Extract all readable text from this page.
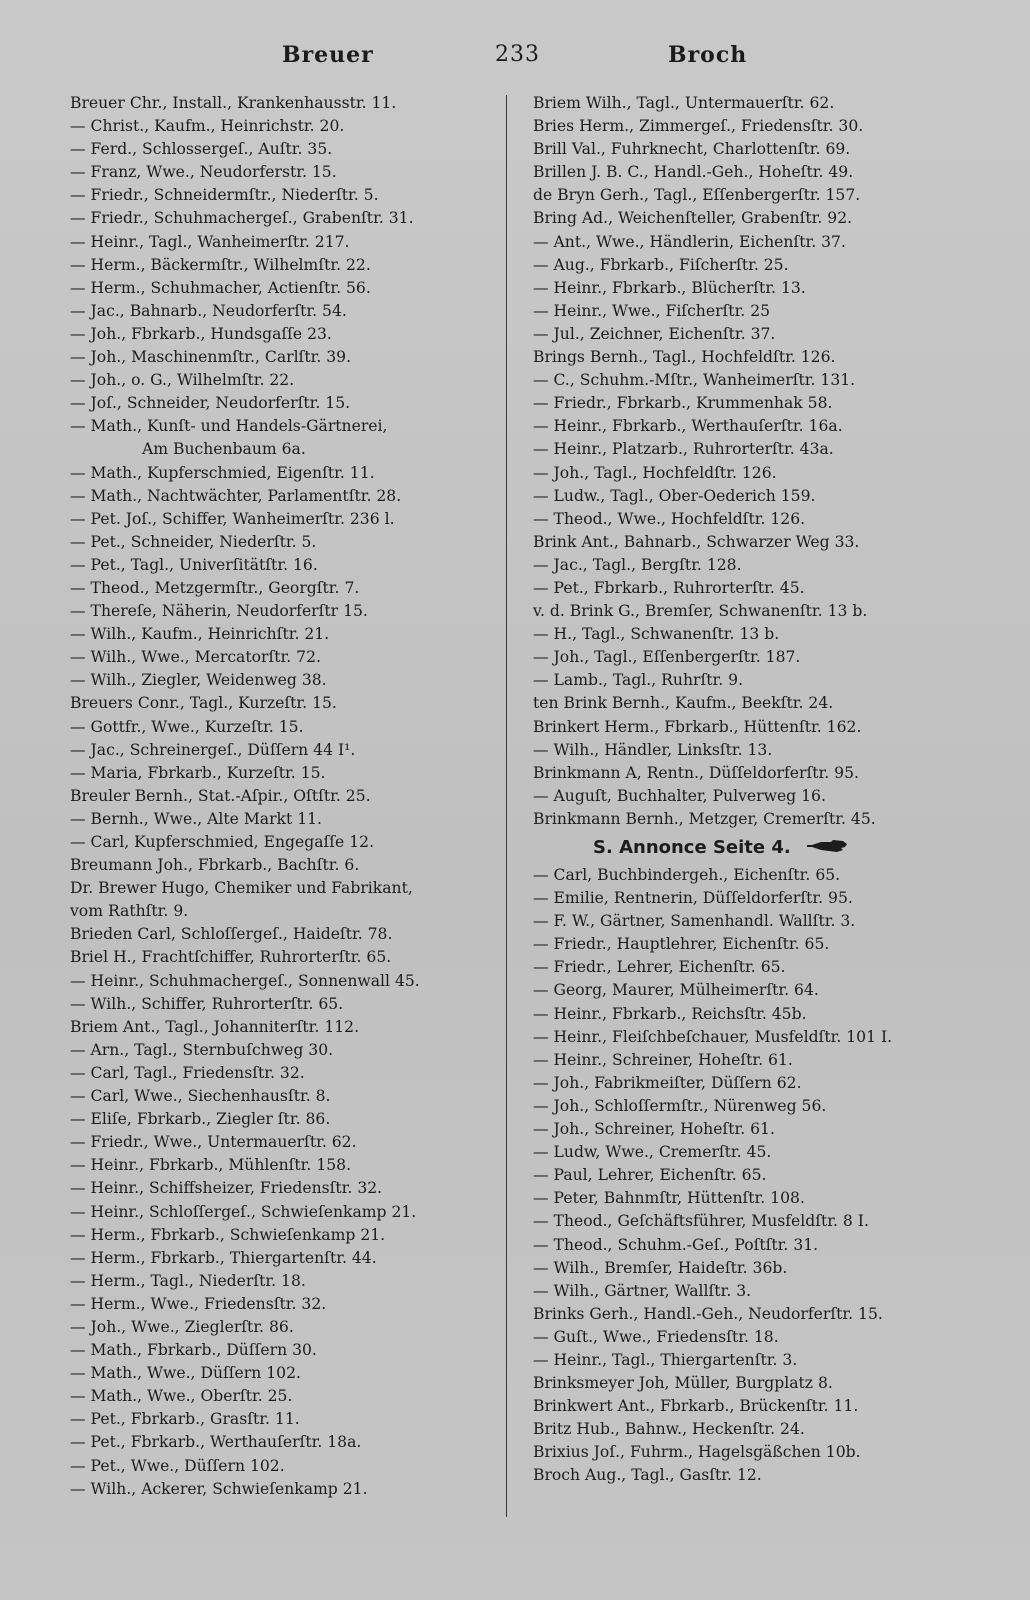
Breuer	233	Broch
Breuer Chr., Install., Krankenhausstr. 11.
— Christ., Kaufm., Heinrichstr. 20.
— Ferd., Schlossergeſ., Auſtr. 35.
— Franz, Wwe., Neudorferstr. 15.
— Friedr., Schneidermſtr., Niederſtr. 5.
— Friedr., Schuhmachergeſ., Grabenſtr. 31.
— Heinr., Tagl., Wanheimerſtr. 217.
— Herm., Bäckermſtr., Wilhelmſtr. 22.
— Herm., Schuhmacher, Actienſtr. 56.
— Jac., Bahnarb., Neudorferſtr. 54.
— Joh., Fbrkarb., Hundsgaſſe 23.
— Joh., Maschinenmſtr., Carlſtr. 39.
— Joh., o. G., Wilhelmſtr. 22.
— Joſ., Schneider, Neudorferſtr. 15.
— Math., Kunſt- und Handels-Gärtnerei,
Am Buchenbaum 6a.
— Math., Kupferschmied, Eigenſtr. 11.
— Math., Nachtwächter, Parlamentſtr. 28.
— Pet. Joſ., Schiffer, Wanheimerſtr. 236 l.
— Pet., Schneider, Niederſtr. 5.
— Pet., Tagl., Univerſitätſtr. 16.
— Theod., Metzgermſtr., Georgſtr. 7.
— Thereſe, Näherin, Neudorferſtr 15.
— Wilh., Kaufm., Heinrichſtr. 21.
— Wilh., Wwe., Mercatorſtr. 72.
— Wilh., Ziegler, Weidenweg 38.
Breuers Conr., Tagl., Kurzeſtr. 15.
— Gottfr., Wwe., Kurzeſtr. 15.
— Jac., Schreinergeſ., Düſſern 44 I¹.
— Maria, Fbrkarb., Kurzeſtr. 15.
Breuler Bernh., Stat.-Aſpir., Oſtſtr. 25.
— Bernh., Wwe., Alte Markt 11.
— Carl, Kupferschmied, Engegaſſe 12.
Breumann Joh., Fbrkarb., Bachſtr. 6.
Dr. Brewer Hugo, Chemiker und Fabrikant,
vom Rathſtr. 9.
Brieden Carl, Schloſſergeſ., Haideſtr. 78.
Briel H., Frachtſchiffer, Ruhrorterſtr. 65.
— Heinr., Schuhmachergeſ., Sonnenwall 45.
— Wilh., Schiffer, Ruhrorterſtr. 65.
Briem Ant., Tagl., Johanniterſtr. 112.
— Arn., Tagl., Sternbuſchweg 30.
— Carl, Tagl., Friedensſtr. 32.
— Carl, Wwe., Siechenhausſtr. 8.
— Eliſe, Fbrkarb., Ziegler ſtr. 86.
— Friedr., Wwe., Untermauerſtr. 62.
— Heinr., Fbrkarb., Mühlenſtr. 158.
— Heinr., Schiffsheizer, Friedensſtr. 32.
— Heinr., Schloſſergeſ., Schwieſenkamp 21.
— Herm., Fbrkarb., Schwieſenkamp 21.
— Herm., Fbrkarb., Thiergartenſtr. 44.
— Herm., Tagl., Niederſtr. 18.
— Herm., Wwe., Friedensſtr. 32.
— Joh., Wwe., Zieglerſtr. 86.
— Math., Fbrkarb., Düſſern 30.
— Math., Wwe., Düſſern 102.
— Math., Wwe., Oberſtr. 25.
— Pet., Fbrkarb., Grasſtr. 11.
— Pet., Fbrkarb., Werthauſerſtr. 18a.
— Pet., Wwe., Düſſern 102.
— Wilh., Ackerer, Schwieſenkamp 21.
Briem Wilh., Tagl., Untermauerſtr. 62.
Bries Herm., Zimmergeſ., Friedensſtr. 30.
Brill Val., Fuhrknecht, Charlottenſtr. 69.
Brillen J. B. C., Handl.-Geh., Hoheſtr. 49.
de Bryn Gerh., Tagl., Eſſenbergerſtr. 157.
Bring Ad., Weichenſteller, Grabenſtr. 92.
— Ant., Wwe., Händlerin, Eichenſtr. 37.
— Aug., Fbrkarb., Fiſcherſtr. 25.
— Heinr., Fbrkarb., Blücherſtr. 13.
— Heinr., Wwe., Fiſcherſtr. 25
— Jul., Zeichner, Eichenſtr. 37.
Brings Bernh., Tagl., Hochfeldſtr. 126.
— C., Schuhm.-Mſtr., Wanheimerſtr. 131.
— Friedr., Fbrkarb., Krummenhak 58.
— Heinr., Fbrkarb., Werthauſerſtr. 16a.
— Heinr., Platzarb., Ruhrorterſtr. 43a.
— Joh., Tagl., Hochfeldſtr. 126.
— Ludw., Tagl., Ober-Oederich 159.
— Theod., Wwe., Hochfeldſtr. 126.
Brink Ant., Bahnarb., Schwarzer Weg 33.
— Jac., Tagl., Bergſtr. 128.
— Pet., Fbrkarb., Ruhrorterſtr. 45.
v. d. Brink G., Bremſer, Schwanenſtr. 13 b.
— H., Tagl., Schwanenſtr. 13 b.
— Joh., Tagl., Eſſenbergerſtr. 187.
— Lamb., Tagl., Ruhrſtr. 9.
ten Brink Bernh., Kaufm., Beekſtr. 24.
Brinkert Herm., Fbrkarb., Hüttenſtr. 162.
— Wilh., Händler, Linksſtr. 13.
Brinkmann A, Rentn., Düſſeldorferſtr. 95.
— Auguſt, Buchhalter, Pulverweg 16.
Brinkmann Bernh., Metzger, Cremerſtr. 45.
S. Annonce Seite 4.
— Carl, Buchbindergeh., Eichenſtr. 65.
— Emilie, Rentnerin, Düſſeldorferſtr. 95.
— F. W., Gärtner, Samenhandl. Wallſtr. 3.
— Friedr., Hauptlehrer, Eichenſtr. 65.
— Friedr., Lehrer, Eichenſtr. 65.
— Georg, Maurer, Mülheimerſtr. 64.
— Heinr., Fbrkarb., Reichsſtr. 45b.
— Heinr., Fleiſchbeſchauer, Musfeldſtr. 101 I.
— Heinr., Schreiner, Hoheſtr. 61.
— Joh., Fabrikmeiſter, Düſſern 62.
— Joh., Schloſſermſtr., Nürenweg 56.
— Joh., Schreiner, Hoheſtr. 61.
— Ludw, Wwe., Cremerſtr. 45.
— Paul, Lehrer, Eichenſtr. 65.
— Peter, Bahnmſtr, Hüttenſtr. 108.
— Theod., Geſchäftsführer, Musfeldſtr. 8 I.
— Theod., Schuhm.-Geſ., Poſtſtr. 31.
— Wilh., Bremſer, Haideſtr. 36b.
— Wilh., Gärtner, Wallſtr. 3.
Brinks Gerh., Handl.-Geh., Neudorferſtr. 15.
— Guſt., Wwe., Friedensſtr. 18.
— Heinr., Tagl., Thiergartenſtr. 3.
Brinksmeyer Joh, Müller, Burgplatz 8.
Brinkwert Ant., Fbrkarb., Brückenſtr. 11.
Britz Hub., Bahnw., Heckenſtr. 24.
Brixius Joſ., Fuhrm., Hagelsgäßchen 10b.
Broch Aug., Tagl., Gasſtr. 12.
